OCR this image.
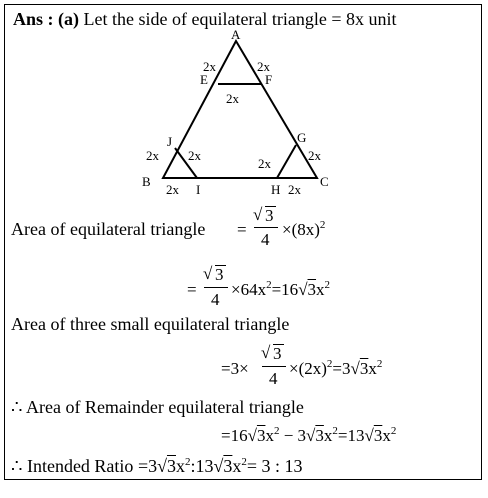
Ans : (a) Let the side of equilateral triangle = 8x unit
A
B	C
E	F
G
H
I
J
2x	2x
2x
2x 2x
2x
2x
2x	2x
Area of equilateral triangle =
√ 3
4
$\times(8x)^2$
=
√ 3
4
$\times 64x^2=16√3x^2$
Area of three small equilateral triangle
=3×
√ 3
4
$\times(2x)^2=3√3x^2$
∴ Area of Remainder equilateral triangle
$=16√3x^2 - 3√3x^2=13√3x^2$
∴ Intended Ratio $=3√3x^2:13√3x^2= 3$ : 13
